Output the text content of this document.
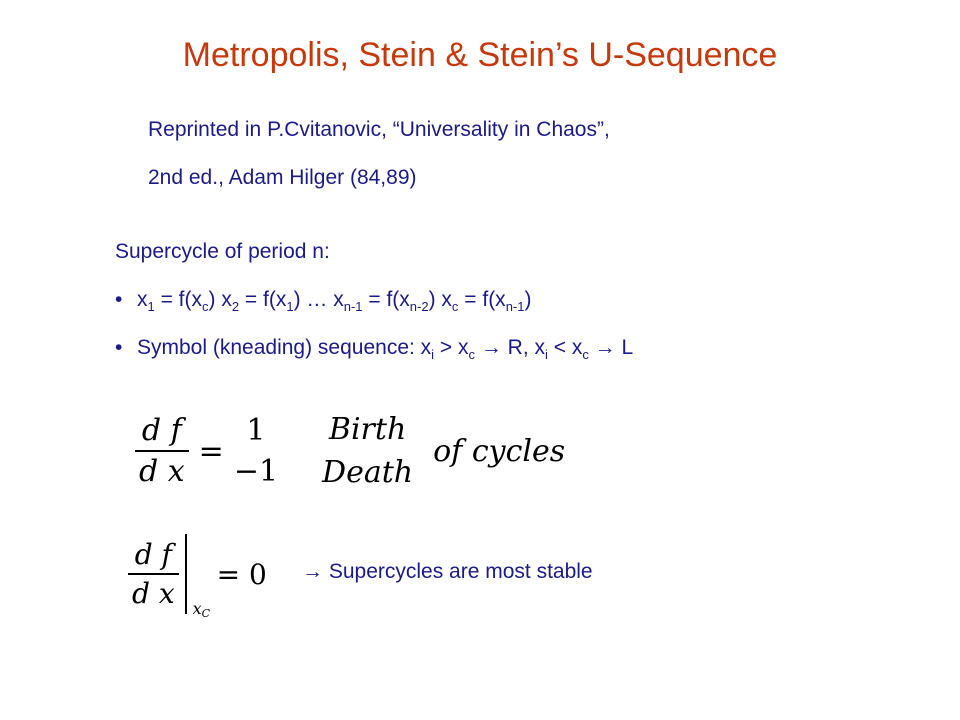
Metropolis, Stein & Stein’s U-Sequence
Reprinted in P.Cvitanovic, “Universality in Chaos”,
2nd ed., Adam Hilger (84,89)
Supercycle of period n:
• $x_1 = f(x_c) x_2 = f(x_1)$ … $x_{n-1} = f(x_{n-2}) x_c = f(x_{n-1})$
• Symbol (kneading) sequence: $x_i > x_c \to R$, $x_i < x_c \to L$
$\frac{\text{d f}}{\text{d x}}$ =
1
−1
Birth
Death
of cycles
$\frac{\text{d f}}{\text{d x}} x_C$
= 0 → Supercycles are most stable
